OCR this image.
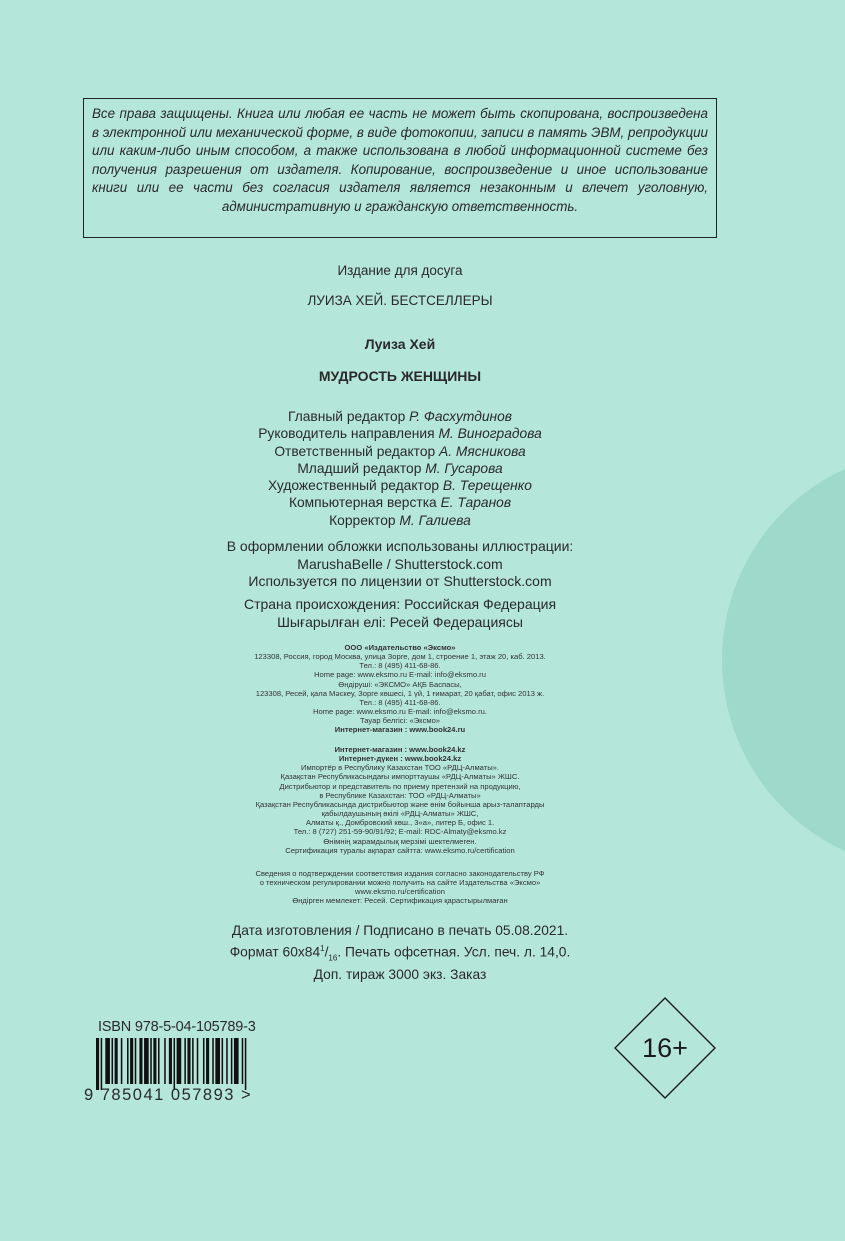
Все права защищены. Книга или любая ее часть не может быть скопирована, воспроизведена в электронной или механической форме, в виде фотокопии, записи в память ЭВМ, репродукции или каким-либо иным способом, а также использована в любой информационной системе без получения разрешения от издателя. Копирование, воспроизведение и иное использование книги или ее части без согласия издателя является незаконным и влечет уголовную, административную и гражданскую ответственность.
Издание для досуга
ЛУИЗА ХЕЙ. БЕСТСЕЛЛЕРЫ
Луиза Хей
МУДРОСТЬ ЖЕНЩИНЫ
Главный редактор Р. Фасхутдинов
Руководитель направления М. Виноградова
Ответственный редактор А. Мясникова
Младший редактор М. Гусарова
Художественный редактор В. Терещенко
Компьютерная верстка Е. Таранов
Корректор М. Галиева
В оформлении обложки использованы иллюстрации:
MarushaBelle / Shutterstock.com
Используется по лицензии от Shutterstock.com
Страна происхождения: Российская Федерация
Шығарылған елі: Ресей Федерациясы
ООО «Издательство «Эксмо»
123308, Россия, город Москва, улица Зорге, дом 1, строение 1, этаж 20, каб. 2013.
Тел.: 8 (495) 411-68-86.
Home page: www.eksmo.ru E-mail: info@eksmo.ru
Өндіруші: «ЭКСМО» АҚБ Баспасы,
123308, Ресей, қала Мәскеу, Зорге көшесі, 1 үй, 1 ғимарат, 20 қабат, офис 2013 ж.
Тел.: 8 (495) 411-68-86.
Home page: www.eksmo.ru E-mail: info@eksmo.ru.
Тауар белгісі: «Эксмо»
Интернет-магазин : www.book24.ru
Интернет-магазин : www.book24.kz
Интернет-дүкен : www.book24.kz
Импортёр в Республику Казахстан ТОО «РДЦ-Алматы».
Қазақстан Республикасындағы импорттаушы «РДЦ-Алматы» ЖШС.
Дистрибьютор и представитель по приему претензий на продукцию,
в Республике Казахстан: ТОО «РДЦ-Алматы»
Қазақстан Республикасында дистрибьютор және өнім бойынша арыз-талаптарды
қабылдаушының өкілі «РДЦ-Алматы» ЖШС,
Алматы қ., Домбровский көш., 3«а», литер Б, офис 1.
Тел.: 8 (727) 251-59-90/91/92; E-mail: RDC-Almaty@eksmo.kz
Өнімнің жарамдылық мерзімі шектелмеген.
Сертификация туралы ақпарат сайтта: www.eksmo.ru/certification
Сведения о подтверждении соответствия издания согласно законодательству РФ
о техническом регулировании можно получить на сайте Издательства «Эксмо»
www.eksmo.ru/certification
Өндірген мемлекет: Ресей. Сертификация қарастырылмаған
Дата изготовления / Подписано в печать 05.08.2021.
Формат $60x84^1/_{16}$. Печать офсетная. Усл. печ. л. 14,0.
Доп. тираж 3000 экз. Заказ
ISBN 978-5-04-105789-3
9 785041 057893 >
16+
